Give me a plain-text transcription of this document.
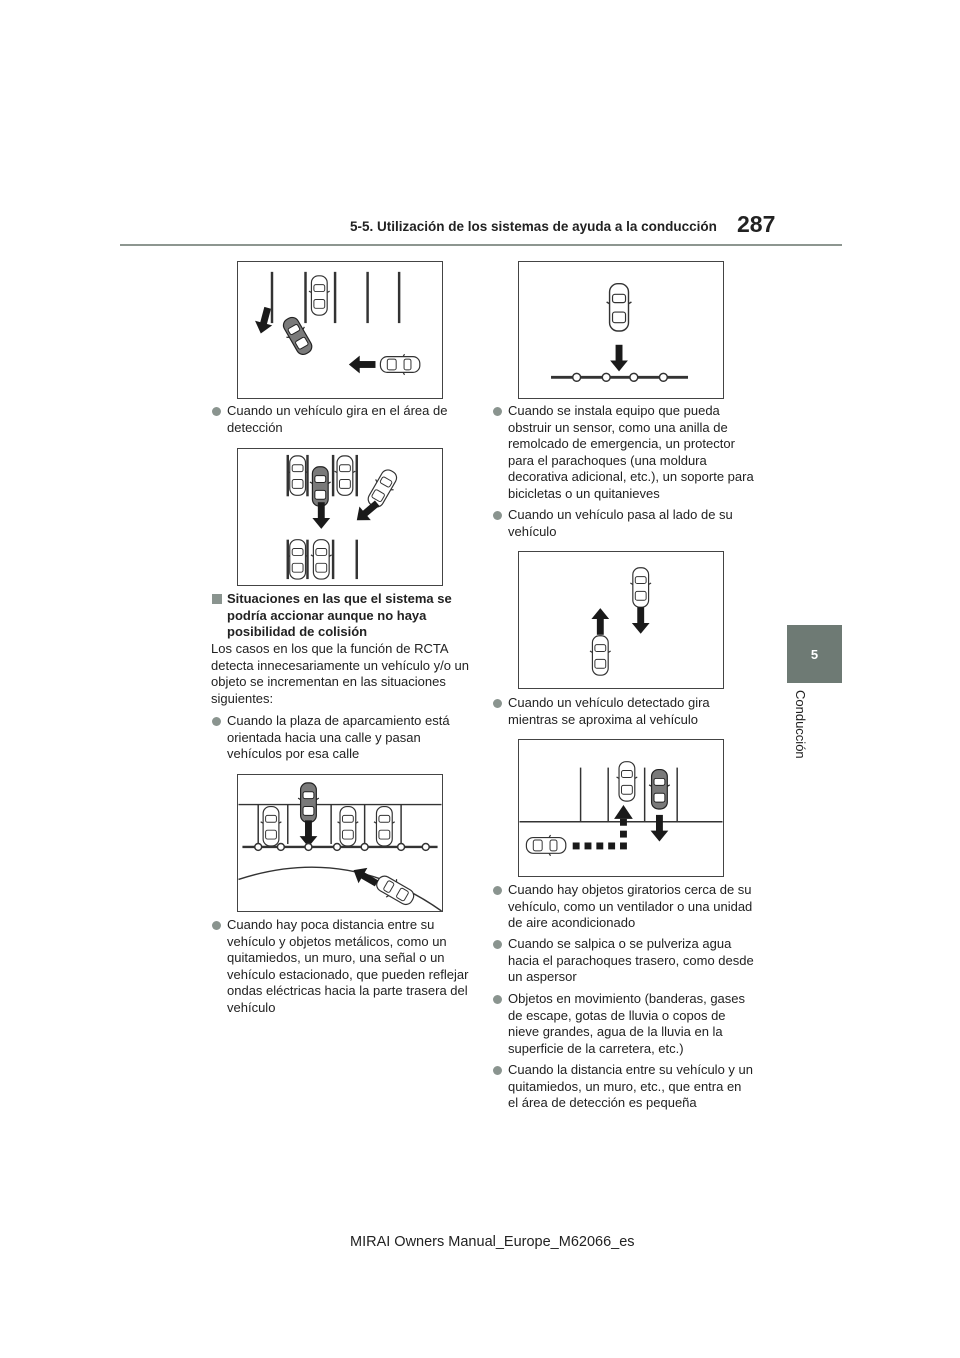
5-5. Utilización de los sistemas de ayuda a la conducción 287
5
Conducción
Cuando un vehículo gira en el área de detección
Situaciones en las que el sistema se podría accionar aunque no haya posibilidad de colisión
Los casos en los que la función de RCTA detecta innecesariamente un vehículo y/o un objeto se incrementan en las situaciones siguientes:
Cuando la plaza de aparcamiento está orientada hacia una calle y pasan vehículos por esa calle
Cuando hay poca distancia entre su vehículo y objetos metálicos, como un quitamiedos, un muro, una señal o un vehículo estacionado, que pueden reflejar ondas eléctricas hacia la parte trasera del vehículo
Cuando se instala equipo que pueda obstruir un sensor, como una anilla de remolcado de emergencia, un protector para el parachoques (una moldura decorativa adicional, etc.), un soporte para bicicletas o un quitanieves
Cuando un vehículo pasa al lado de su vehículo
Cuando un vehículo detectado gira mientras se aproxima al vehículo
Cuando hay objetos giratorios cerca de su vehículo, como un ventilador o una unidad de aire acondicionado
Cuando se salpica o se pulveriza agua hacia el parachoques trasero, como desde un aspersor
Objetos en movimiento (banderas, gases de escape, gotas de lluvia o copos de nieve grandes, agua de la lluvia en la superficie de la carretera, etc.)
Cuando la distancia entre su vehículo y un quitamiedos, un muro, etc., que entra en el área de detección es pequeña
MIRAI Owners Manual_Europe_M62066_es
